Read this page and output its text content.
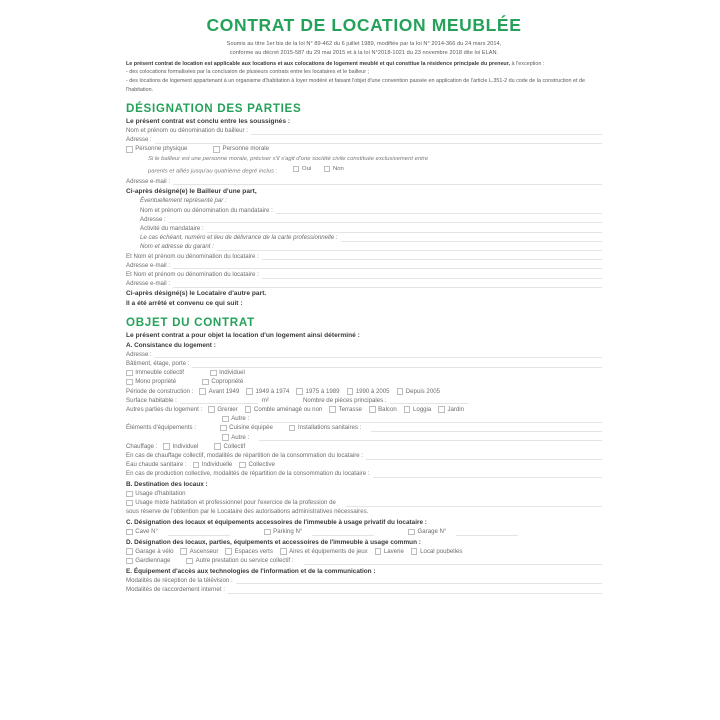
CONTRAT DE LOCATION MEUBLÉE
Soumis au titre 1er bis de la loi N° 89-462 du 6 juillet 1989, modifiée par la loi N° 2014-366 du 24 mars 2014,
conforme au décret 2015-587 du 29 mai 2015 et à la loi N°2018-1021 du 23 novembre 2018 dite loi ELAN.
Le présent contrat de location est applicable aux locations et aux colocations de logement meublé et qui constitue la résidence principale du preneur, à l'exception :
- des colocations formalisées par la conclusion de plusieurs contrats entre les locataires et le bailleur ;
- des locations de logement appartenant à un organisme d'habitation à loyer modéré et faisant l'objet d'une convention passée en application de l'article L.351-2 du code de la construction et de l'habitation.
DÉSIGNATION DES PARTIES
Le présent contrat est conclu entre les soussignés :
Nom et prénom ou dénomination du bailleur :
Adresse :
Personne physique	Personne morale
Si le bailleur est une personne morale, préciser s'il s'agit d'une société civile constituée exclusivement entre
parents et alliés jusqu'au quatrième degré inclus :	Oui
	Non
Adresse e-mail :
Ci-après désigné(e) le Bailleur d'une part,
Éventuellement représenté par :
Nom et prénom ou dénomination du mandataire :
Adresse :
Activité du mandataire :
Le cas échéant, numéro et lieu de délivrance de la carte professionnelle :
Nom et adresse du garant :
Et Nom et prénom ou dénomination du locataire :
Adresse e-mail :
Et Nom et prénom ou dénomination du locataire :
Adresse e-mail :
Ci-après désigné(s) le Locataire d'autre part.
Il a été arrêté et convenu ce qui suit :
OBJET DU CONTRAT
Le présent contrat a pour objet la location d'un logement ainsi déterminé :
A. Consistance du logement :
Adresse :
Bâtiment, étage, porte :
Immeuble collectif	Individuel
Mono propriété	Copropriété
Période de construction : Avant 1949	1949 à 1974	1975 à 1989	1990 à 2005	Depuis 2005
Surface habitable :	m²	Nombre de pièces principales :
Autres parties du logement : Grenier	Comble aménagé ou non	Terrasse	Balcon	Loggia	Jardin
Autre :
Éléments d'équipements :	Cuisine équipée	Installations sanitaires :
Autre :
Chauffage : Individuel	Collectif
En cas de chauffage collectif, modalités de répartition de la consommation du locataire :
Eau chaude sanitaire : Individuelle	Collective
En cas de production collective, modalités de répartition de la consommation du locataire :
B. Destination des locaux :
Usage d'habitation
Usage mixte habitation et professionnel pour l'exercice de la profession de
sous réserve de l'obtention par le Locataire des autorisations administratives nécessaires.
C. Désignation des locaux et équipements accessoires de l'immeuble à usage privatif du locataire :
Cave N°	Parking N°	Garage N°
D. Désignation des locaux, parties, équipements et accessoires de l'immeuble à usage commun :
Garage à vélo	Ascenseur	Espaces verts	Aires et équipements de jeux	Laverie	Local poubelles
Gardiennage	Autre prestation ou service collectif :
E. Équipement d'accès aux technologies de l'information et de la communication :
Modalités de réception de la télévision :
Modalités de raccordement internet :
